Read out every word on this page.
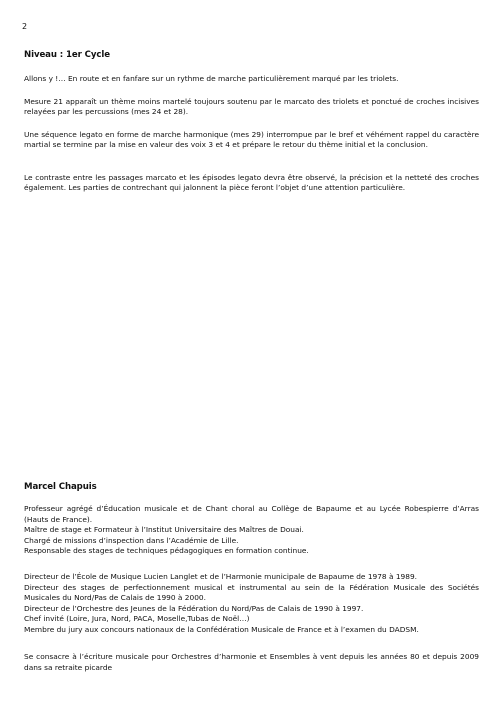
2
Niveau : 1er Cycle
Allons y !… En route et en fanfare sur un rythme de marche particulièrement marqué par les triolets.
Mesure 21 apparaît un thème moins martelé toujours soutenu par le marcato des triolets et ponctué de croches incisives relayées par les percussions (mes 24 et 28).
Une séquence legato en forme de marche harmonique (mes 29) interrompue par le bref et véhément rappel du caractère martial se termine par la mise en valeur des voix 3 et 4 et prépare le retour du thème initial et la conclusion.
Le contraste entre les passages marcato et les épisodes legato devra être observé, la précision et la netteté des croches également. Les parties de contrechant qui jalonnent la pièce feront l’objet d’une attention particulière.
Marcel Chapuis
Professeur agrégé d’Éducation musicale et de Chant choral au Collège de Bapaume et au Lycée Robespierre d’Arras (Hauts de France).
Maître de stage et Formateur à l’Institut Universitaire des Maîtres de Douai.
Chargé de missions d’inspection dans l’Académie de Lille.
Responsable des stages de techniques pédagogiques en formation continue.
Directeur de l’École de Musique Lucien Langlet et de l’Harmonie municipale de Bapaume de 1978 à 1989.
Directeur des stages de perfectionnement musical et instrumental au sein de la Fédération Musicale des Sociétés Musicales du Nord/Pas de Calais de 1990 à 2000.
Directeur de l’Orchestre des Jeunes de la Fédération du Nord/Pas de Calais de 1990 à 1997.
Chef invité (Loire, Jura, Nord, PACA, Moselle,Tubas de Noël…)
Membre du jury aux concours nationaux de la Confédération Musicale de France et à l’examen du DADSM.
Se consacre à l’écriture musicale pour Orchestres d’harmonie et Ensembles à vent depuis les années 80 et depuis 2009 dans sa retraite picarde
